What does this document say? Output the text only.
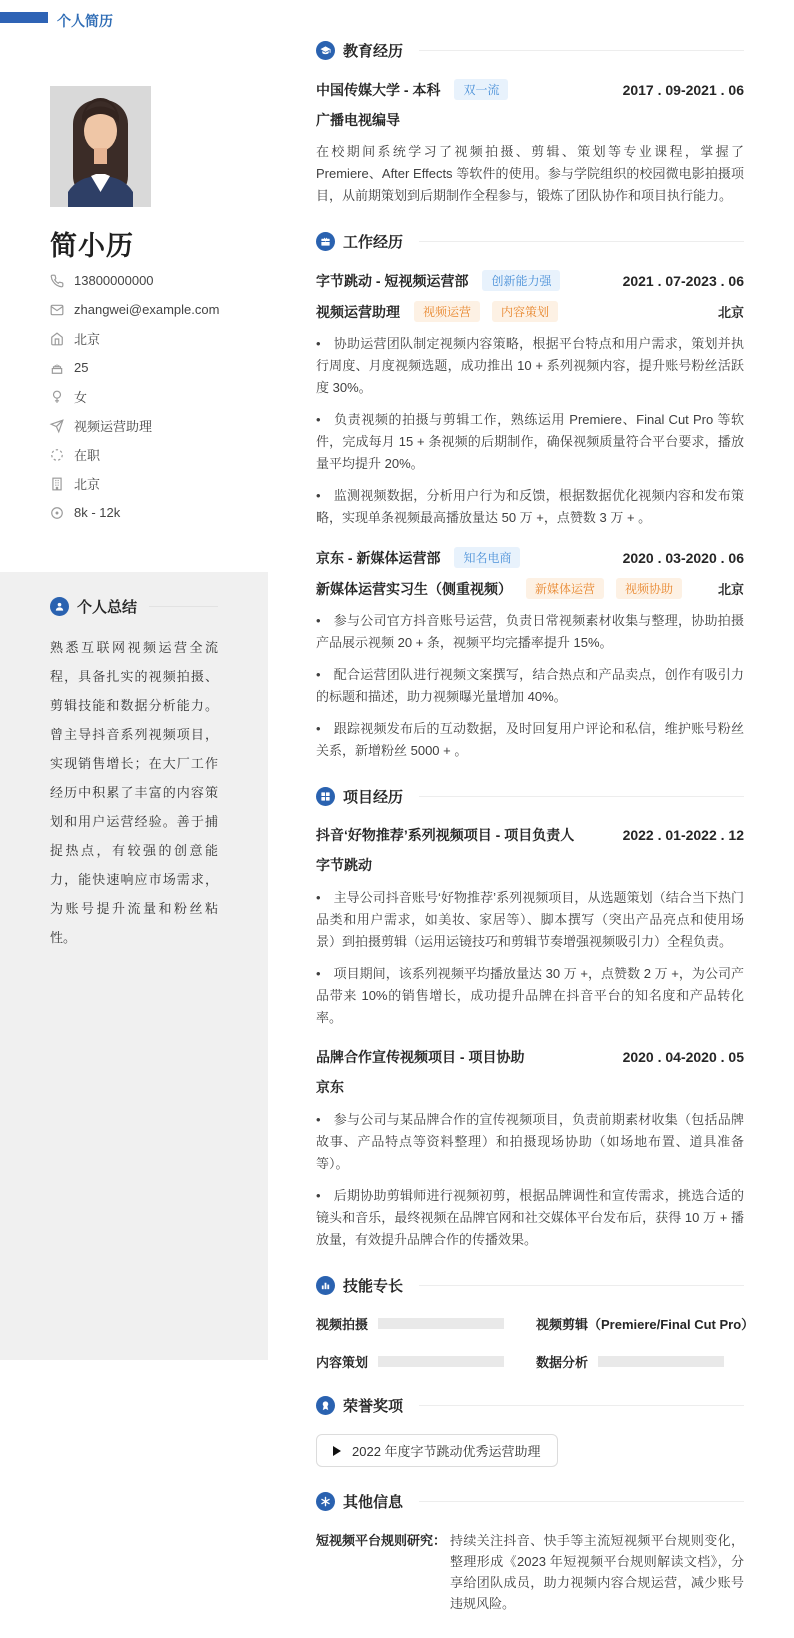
个人简历
简小历
13800000000
zhangwei@example.com
北京
25
女
视频运营助理
在职
北京
8k - 12k
个人总结
熟悉互联网视频运营全流程，具备扎实的视频拍摄、剪辑技能和数据分析能力。曾主导抖音系列视频项目，实现销售增长；在大厂工作经历中积累了丰富的内容策划和用户运营经验。善于捕捉热点，有较强的创意能力，能快速响应市场需求，为账号提升流量和粉丝粘性。
教育经历
中国传媒大学 - 本科	双一流	2017 . 09-2021 . 06
广播电视编导
在校期间系统学习了视频拍摄、剪辑、策划等专业课程，掌握了 Premiere、After Effects 等软件的使用。参与学院组织的校园微电影拍摄项目，从前期策划到后期制作全程参与，锻炼了团队协作和项目执行能力。
工作经历
字节跳动 - 短视频运营部	创新能力强	2021 . 07-2023 . 06
视频运营助理	视频运营	内容策划	北京

• 协助运营团队制定视频内容策略，根据平台特点和用户需求，策划并执行周度、月度视频选题，成功推出 10 + 系列视频内容，提升账号粉丝活跃度 30%。

• 负责视频的拍摄与剪辑工作，熟练运用 Premiere、Final Cut Pro 等软件，完成每月 15 + 条视频的后期制作，确保视频质量符合平台要求，播放量平均提升 20%。

• 监测视频数据，分析用户行为和反馈，根据数据优化视频内容和发布策略，实现单条视频最高播放量达 50 万 +，点赞数 3 万 + 。

京东 - 新媒体运营部	知名电商	2020 . 03-2020 . 06
新媒体运营实习生（侧重视频）	新媒体运营	视频协助	北京

• 参与公司官方抖音账号运营，负责日常视频素材收集与整理，协助拍摄产品展示视频 20 + 条，视频平均完播率提升 15%。

• 配合运营团队进行视频文案撰写，结合热点和产品卖点，创作有吸引力的标题和描述，助力视频曝光量增加 40%。

• 跟踪视频发布后的互动数据，及时回复用户评论和私信，维护账号粉丝关系，新增粉丝 5000 + 。

项目经历
抖音‘好物推荐’系列视频项目 - 项目负责人	2022 . 01-2022 . 12
字节跳动

• 主导公司抖音账号‘好物推荐’系列视频项目，从选题策划（结合当下热门品类和用户需求，如美妆、家居等）、脚本撰写（突出产品亮点和使用场景）到拍摄剪辑（运用运镜技巧和剪辑节奏增强视频吸引力）全程负责。

• 项目期间，该系列视频平均播放量达 30 万 +，点赞数 2 万 +，为公司产品带来 10%的销售增长，成功提升品牌在抖音平台的知名度和产品转化率。

品牌合作宣传视频项目 - 项目协助	2020 . 04-2020 . 05
京东

• 参与公司与某品牌合作的宣传视频项目，负责前期素材收集（包括品牌故事、产品特点等资料整理）和拍摄现场协助（如场地布置、道具准备等）。

• 后期协助剪辑师进行视频初剪，根据品牌调性和宣传需求，挑选合适的镜头和音乐，最终视频在品牌官网和社交媒体平台发布后，获得 10 万 + 播放量，有效提升品牌合作的传播效果。

技能专长
视频拍摄	视频剪辑（Premiere/Final Cut Pro）
内容策划	数据分析
荣誉奖项
2022 年度字节跳动优秀运营助理
其他信息
短视频平台规则研究： 持续关注抖音、快手等主流短视频平台规则变化，整理形成《2023 年短视频平台规则解读文档》，分享给团队成员，助力视频内容合规运营，减少账号违规风险。
